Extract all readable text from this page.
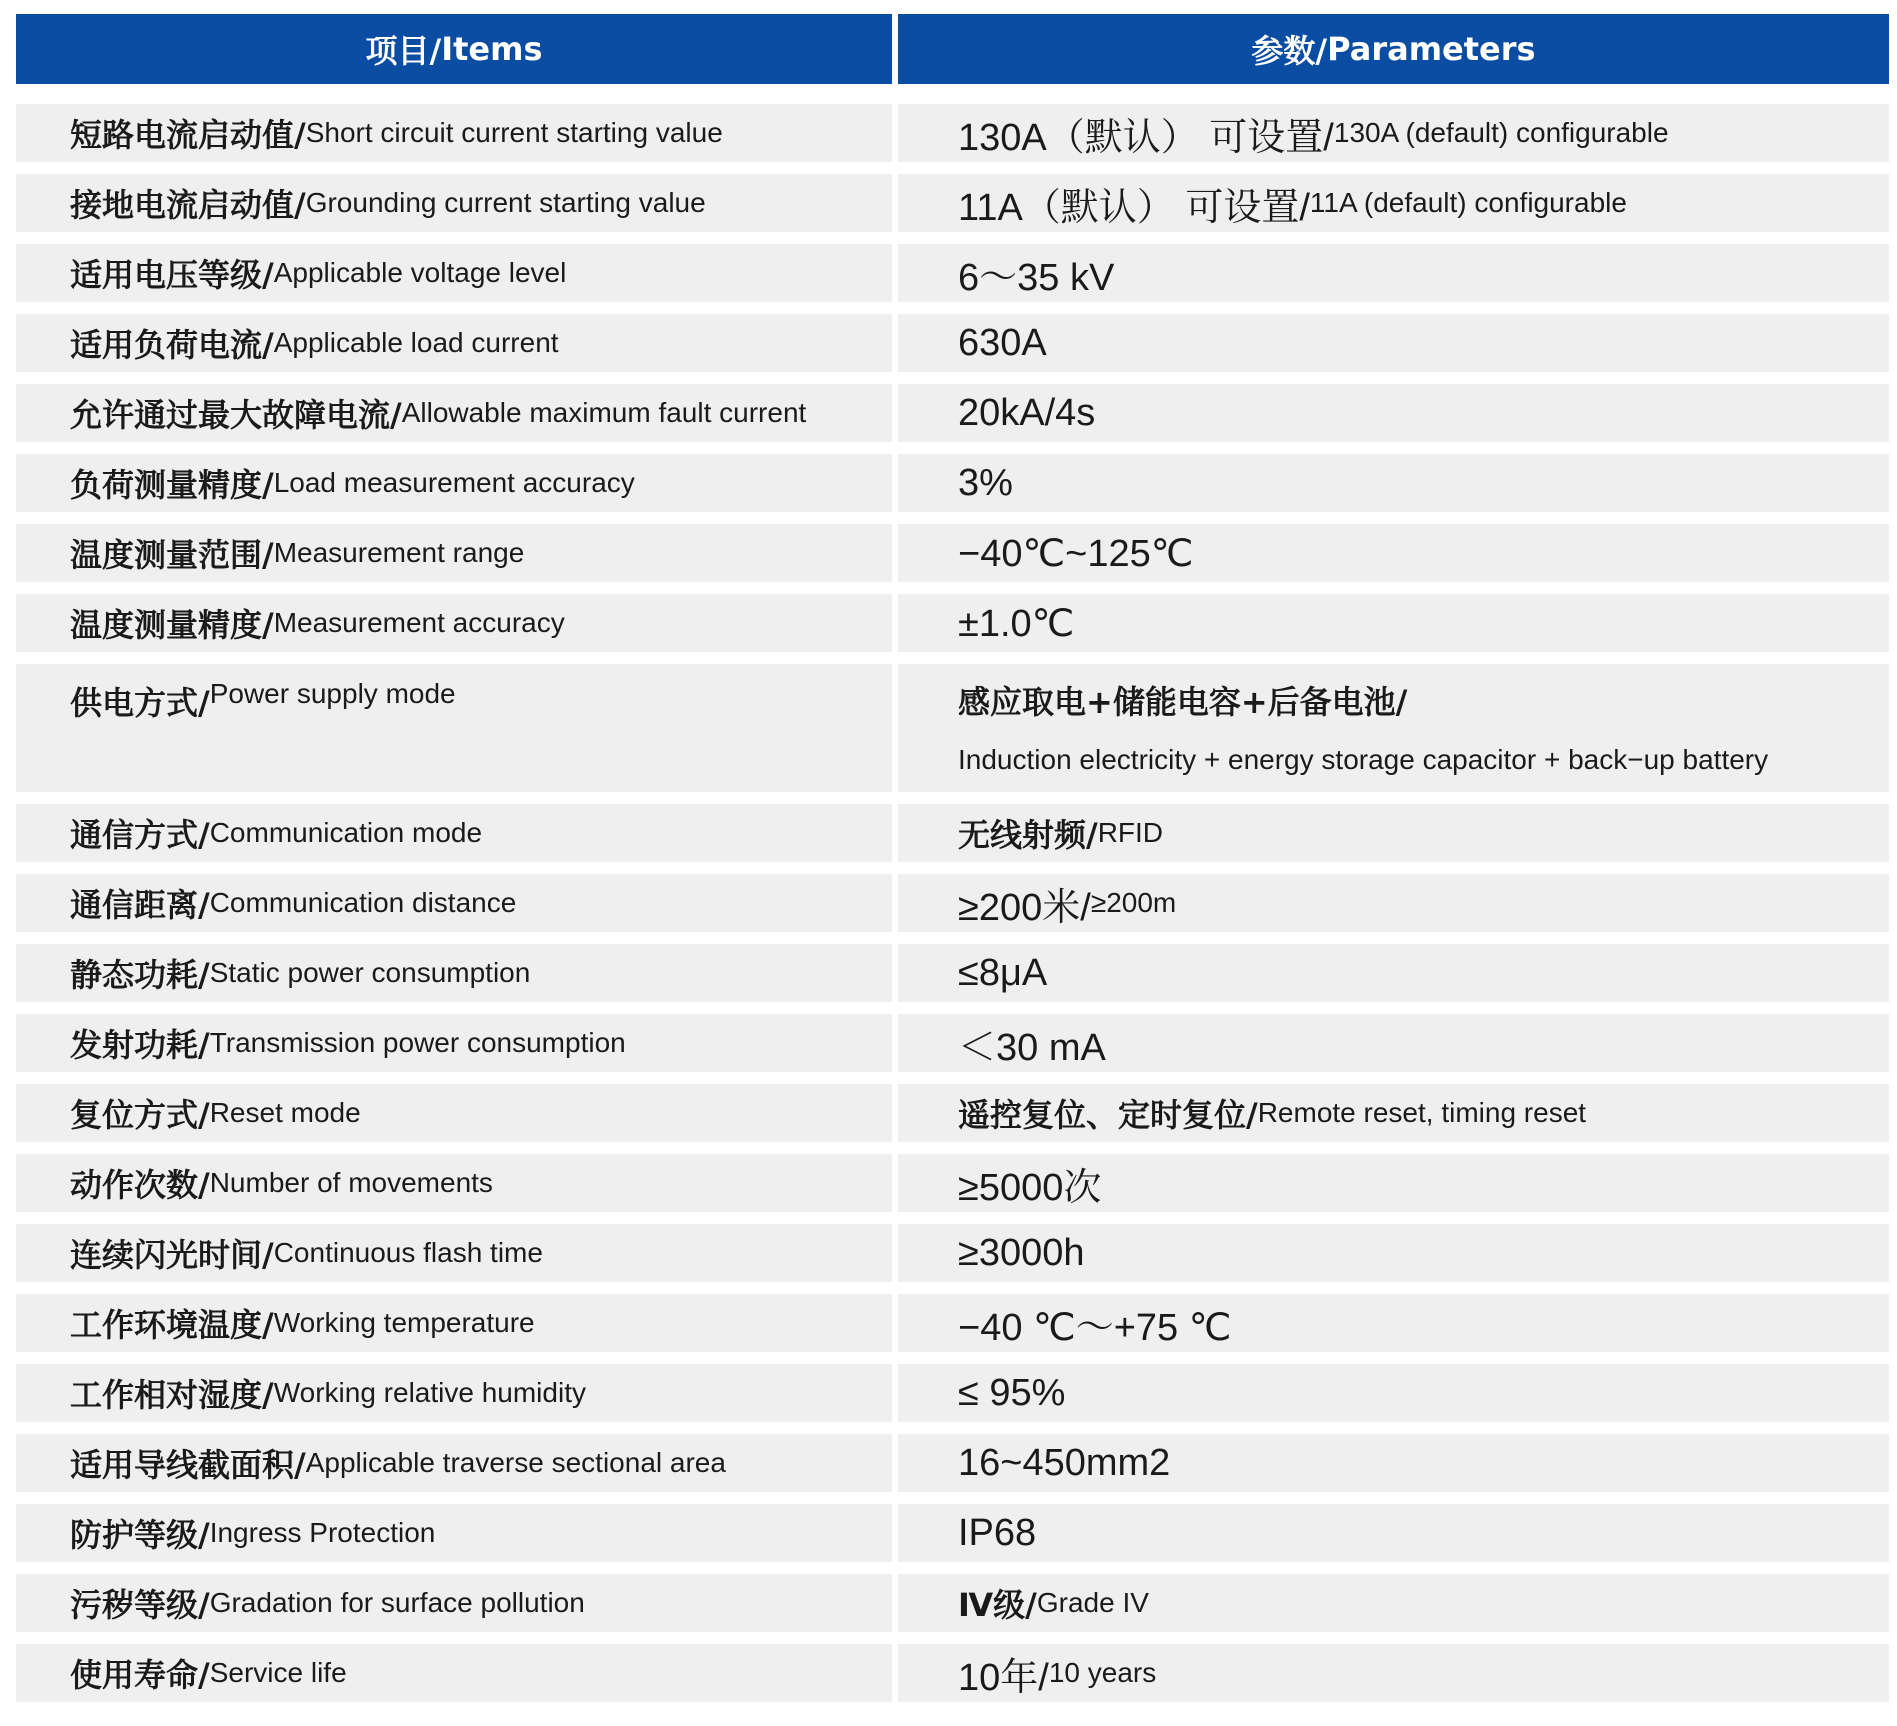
项目/ Items	参数/ Parameters
短路电流启动值/ Short circuit current starting value	130A（默认） 可设置/ 130A (default) configurable
接地电流启动值/ Grounding current starting value	11A（默认） 可设置/ 11A (default) configurable
适用电压等级/ Applicable voltage level	6～35 kV
适用负荷电流/ Applicable load current	630A
允许通过最大故障电流/ Allowable maximum fault current	20kA/4s
负荷测量精度/ Load measurement accuracy	3%
温度测量范围/ Measurement range	−40℃~125℃
温度测量精度/ Measurement accuracy	±1.0℃
供电方式/ Power supply mode	感应取电+储能电容+后备电池/
Induction electricity + energy storage capacitor + back−up battery
通信方式/ Communication mode	无线射频/ RFID
通信距离/ Communication distance	≥200米/ ≥200m
静态功耗/ Static power consumption	≤8μA
发射功耗/ Transmission power consumption	＜30 mA
复位方式/ Reset mode	遥控复位、定时复位/ Remote reset, timing reset
动作次数/ Number of movements	≥5000次
连续闪光时间/ Continuous flash time	≥3000h
工作环境温度/ Working temperature	−40 ℃～+75 ℃
工作相对湿度/ Working relative humidity	≤ 95%
适用导线截面积/ Applicable traverse sectional area	16~450mm2
防护等级/ Ingress Protection	IP68
污秽等级/ Gradation for surface pollution	Ⅳ级/ Grade IV
使用寿命/ Service life	10年/ 10 years
